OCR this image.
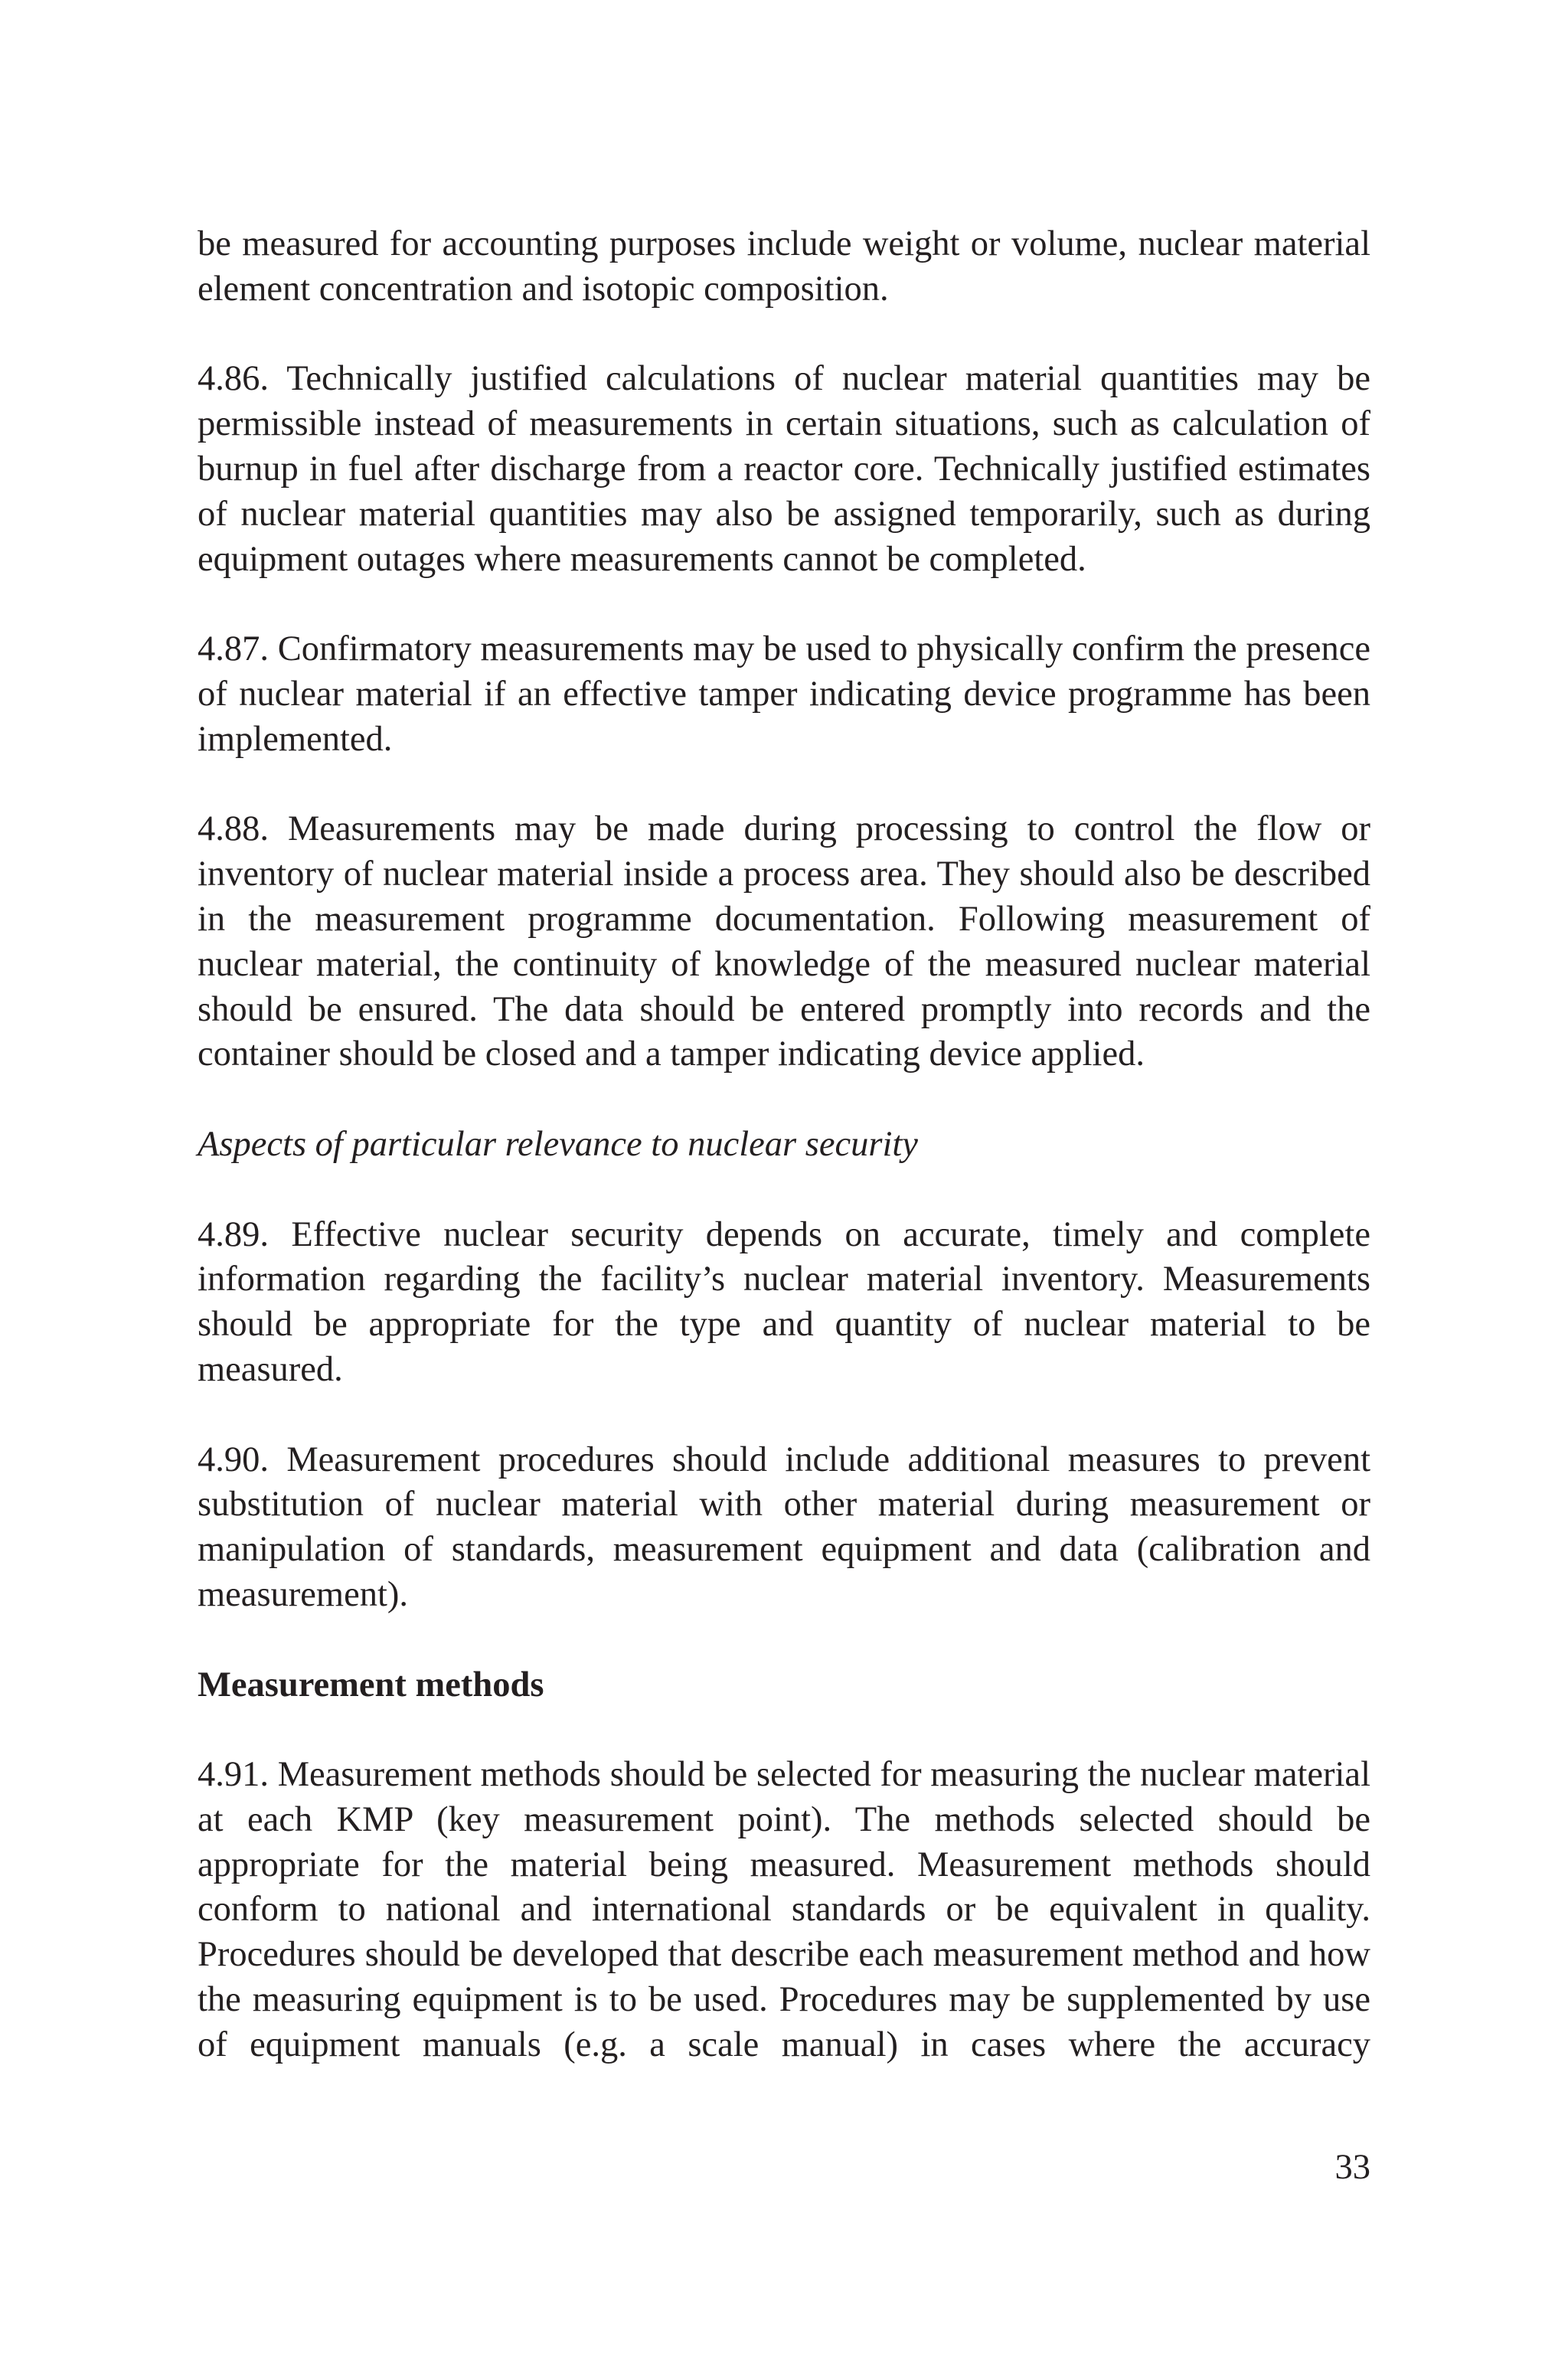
be measured for accounting purposes include weight or volume, nuclear material element concentration and isotopic composition.

4.86. Technically justified calculations of nuclear material quantities may be permissible instead of measurements in certain situations, such as calculation of burnup in fuel after discharge from a reactor core. Technically justified estimates of nuclear material quantities may also be assigned temporarily, such as during equipment outages where measurements cannot be completed.

4.87. Confirmatory measurements may be used to physically confirm the presence of nuclear material if an effective tamper indicating device programme has been implemented.

4.88. Measurements may be made during processing to control the flow or inventory of nuclear material inside a process area. They should also be described in the measurement programme documentation. Following measurement of nuclear material, the continuity of knowledge of the measured nuclear material should be ensured. The data should be entered promptly into records and the container should be closed and a tamper indicating device applied.

Aspects of particular relevance to nuclear security

4.89. Effective nuclear security depends on accurate, timely and complete information regarding the facility’s nuclear material inventory. Measurements should be appropriate for the type and quantity of nuclear material to be measured.

4.90. Measurement procedures should include additional measures to prevent substitution of nuclear material with other material during measurement or manipulation of standards, measurement equipment and data (calibration and measurement).

Measurement methods

4.91. Measurement methods should be selected for measuring the nuclear material at each KMP (key measurement point). The methods selected should be appropriate for the material being measured. Measurement methods should conform to national and international standards or be equivalent in quality. Procedures should be developed that describe each measurement method and how the measuring equipment is to be used. Procedures may be supplemented by use of equipment manuals (e.g. a scale manual) in cases where the accuracy

33
